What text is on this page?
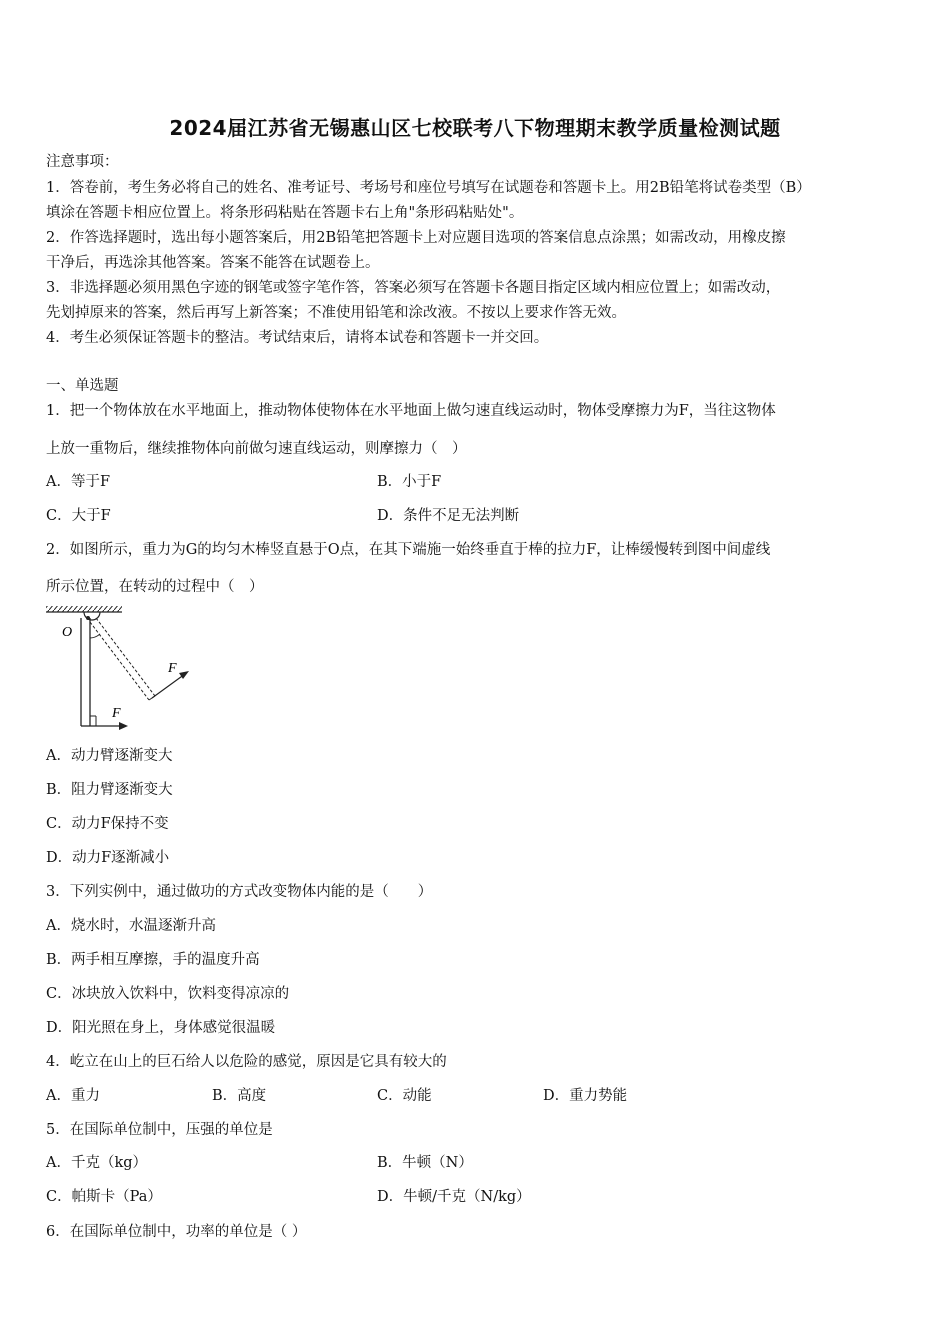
2024届江苏省无锡惠山区七校联考八下物理期末教学质量检测试题
注意事项：
1．答卷前，考生务必将自己的姓名、准考证号、考场号和座位号填写在试题卷和答题卡上。用2B铅笔将试卷类型（B）
填涂在答题卡相应位置上。将条形码粘贴在答题卡右上角"条形码粘贴处"。
2．作答选择题时，选出每小题答案后，用2B铅笔把答题卡上对应题目选项的答案信息点涂黑；如需改动，用橡皮擦
干净后，再选涂其他答案。答案不能答在试题卷上。
3．非选择题必须用黑色字迹的钢笔或签字笔作答，答案必须写在答题卡各题目指定区域内相应位置上；如需改动，
先划掉原来的答案，然后再写上新答案；不准使用铅笔和涂改液。不按以上要求作答无效。
4．考生必须保证答题卡的整洁。考试结束后，请将本试卷和答题卡一并交回。
一、单选题
1．把一个物体放在水平地面上，推动物体使物体在水平地面上做匀速直线运动时，物体受摩擦力为F，当往这物体
上放一重物后，继续推物体向前做匀速直线运动，则摩擦力（　）
A．等于F	B．小于F
C．大于F	D．条件不足无法判断
2．如图所示，重力为G的均匀木棒竖直悬于O点，在其下端施一始终垂直于棒的拉力F，让棒缓慢转到图中间虚线
所示位置，在转动的过程中（　）
O
F
F
A．动力臂逐渐变大
B．阻力臂逐渐变大
C．动力F保持不变
D．动力F逐渐减小
3．下列实例中，通过做功的方式改变物体内能的是（　　）
A．烧水时，水温逐渐升高
B．两手相互摩擦，手的温度升高
C．冰块放入饮料中，饮料变得凉凉的
D．阳光照在身上，身体感觉很温暖
4．屹立在山上的巨石给人以危险的感觉，原因是它具有较大的
A．重力	B．高度	C．动能	D．重力势能
5．在国际单位制中，压强的单位是
A．千克（kg）	B．牛顿（N）
C．帕斯卡（Pa）	D．牛顿/千克（N/kg）
6．在国际单位制中，功率的单位是（ ）
